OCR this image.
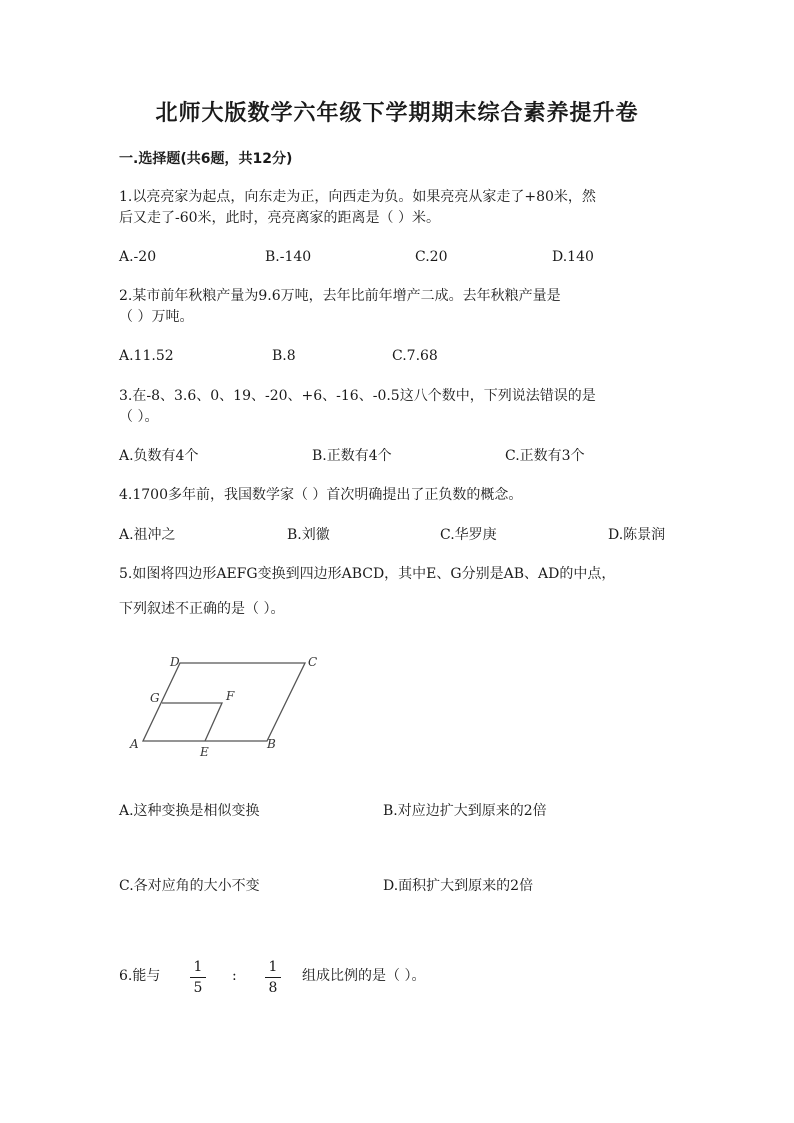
北师大版数学六年级下学期期末综合素养提升卷
一.选择题(共6题，共12分)
1.以亮亮家为起点，向东走为正，向西走为负。如果亮亮从家走了+80米，然
后又走了-60米，此时，亮亮离家的距离是（ ）米。
A.-20	B.-140	C.20	D.140
2.某市前年秋粮产量为9.6万吨，去年比前年增产二成。去年秋粮产量是
（ ）万吨。
A.11.52	B.8	C.7.68
3.在-8、3.6、0、19、-20、+6、-16、-0.5这八个数中，下列说法错误的是
（ ）。
A.负数有4个	B.正数有4个	C.正数有3个
4.1700多年前，我国数学家（ ）首次明确提出了正负数的概念。
A.祖冲之	B.刘徽	C.华罗庚	D.陈景润
5.如图将四边形AEFG变换到四边形ABCD，其中E、G分别是AB、AD的中点，
下列叙述不正确的是（ ）。
A	B
C
D
E
F
G
A.这种变换是相似变换	B.对应边扩大到原来的2倍
C.各对应角的大小不变	D.面积扩大到原来的2倍
6.能与
1
5
:
1
8
组成比例的是（ ）。
